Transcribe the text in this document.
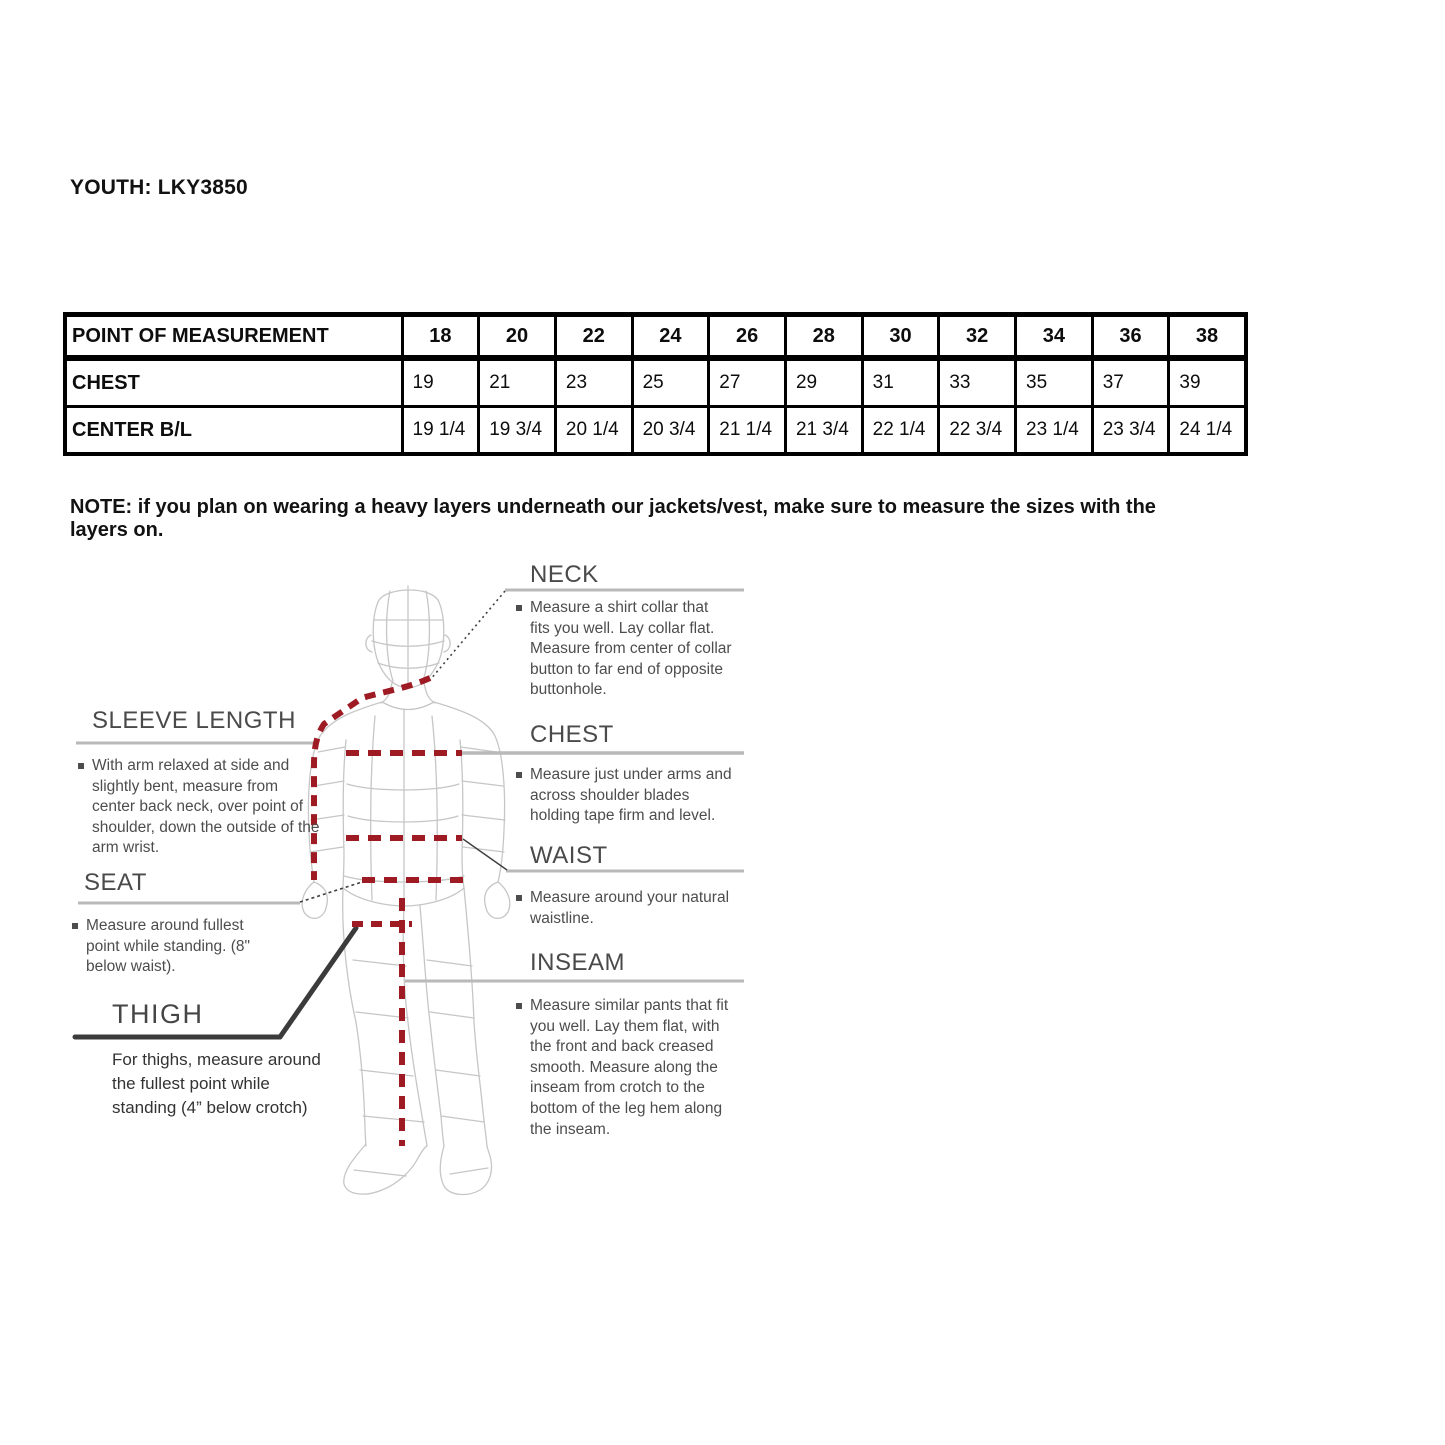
YOUTH: LKY3850
POINT OF MEASUREMENT	18	20	22	24	26	28	30	32	34	36	38
CHEST	19	21	23	25	27	29	31	33	35	37	39
CENTER B/L	19 1/4	19 3/4	20 1/4	20 3/4	21 1/4	21 3/4	22 1/4	22 3/4	23 1/4	23 3/4	24 1/4

NOTE: if you plan on wearing a heavy layers underneath our jackets/vest, make sure to measure the sizes with the layers on.

NECK

Measure a shirt collar that fits you well. Lay collar flat. Measure from center of collar button to far end of opposite buttonhole.

SLEEVE LENGTH

With arm relaxed at side and slightly bent, measure from center back neck, over point of shoulder, down the outside of the arm wrist.

CHEST

Measure just under arms and across shoulder blades holding tape firm and level.

WAIST

Measure around your natural waistline.

SEAT

Measure around fullest point while standing. (8" below waist).	INSEAM

Measure similar pants that fit you well. Lay them flat, with the front and back creased smooth. Measure along the inseam from crotch to the bottom of the leg hem along the inseam.

THIGH

For thighs, measure around the fullest point while standing (4” below crotch)
